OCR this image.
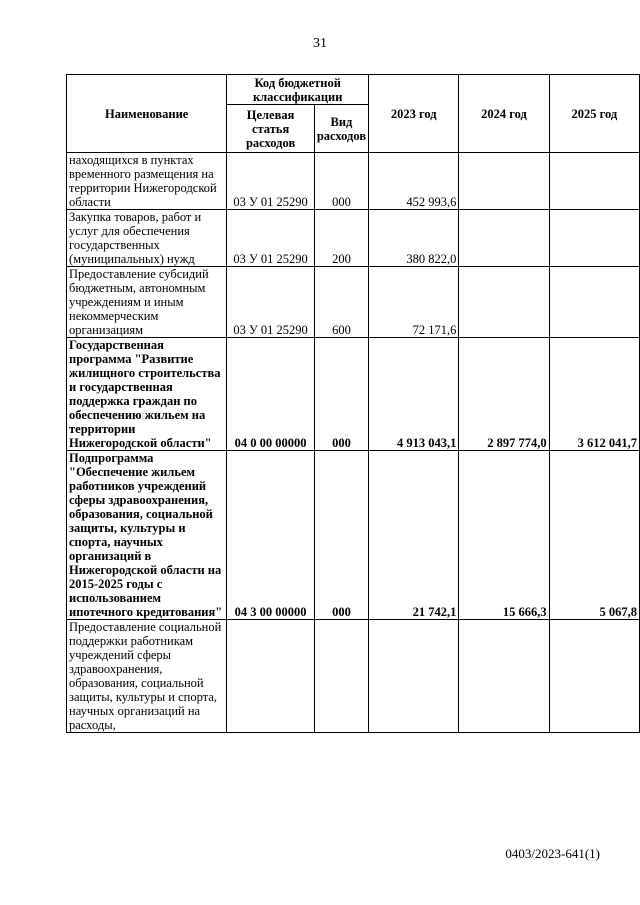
31
Наименование	Код бюджетной классификации		2023 год	2024 год	2025 год
	Целевая статья расходов	Вид расходов			
находящихся в пунктах временного размещения на территории Нижегородской области	03 У 01 25290	000	452 993,6		
Закупка товаров, работ и услуг для обеспечения государственных (муниципальных) нужд	03 У 01 25290	200	380 822,0		
Предоставление субсидий бюджетным, автономным учреждениям и иным некоммерческим организациям	03 У 01 25290	600	72 171,6		
Государственная программа "Развитие жилищного строительства и государственная поддержка граждан по обеспечению жильем на территории Нижегородской области"	04 0 00 00000	000	4 913 043,1	2 897 774,0	3 612 041,7
Подпрограмма "Обеспечение жильем работников учреждений сферы здравоохранения, образования, социальной защиты, культуры и спорта, научных организаций в Нижегородской области на 2015-2025 годы с использованием ипотечного кредитования"	04 3 00 00000	000	21 742,1	15 666,3	5 067,8
Предоставление социальной поддержки работникам учреждений сферы здравоохранения, образования, социальной защиты, культуры и спорта, научных организаций на расходы,					
0403/2023-641(1)
